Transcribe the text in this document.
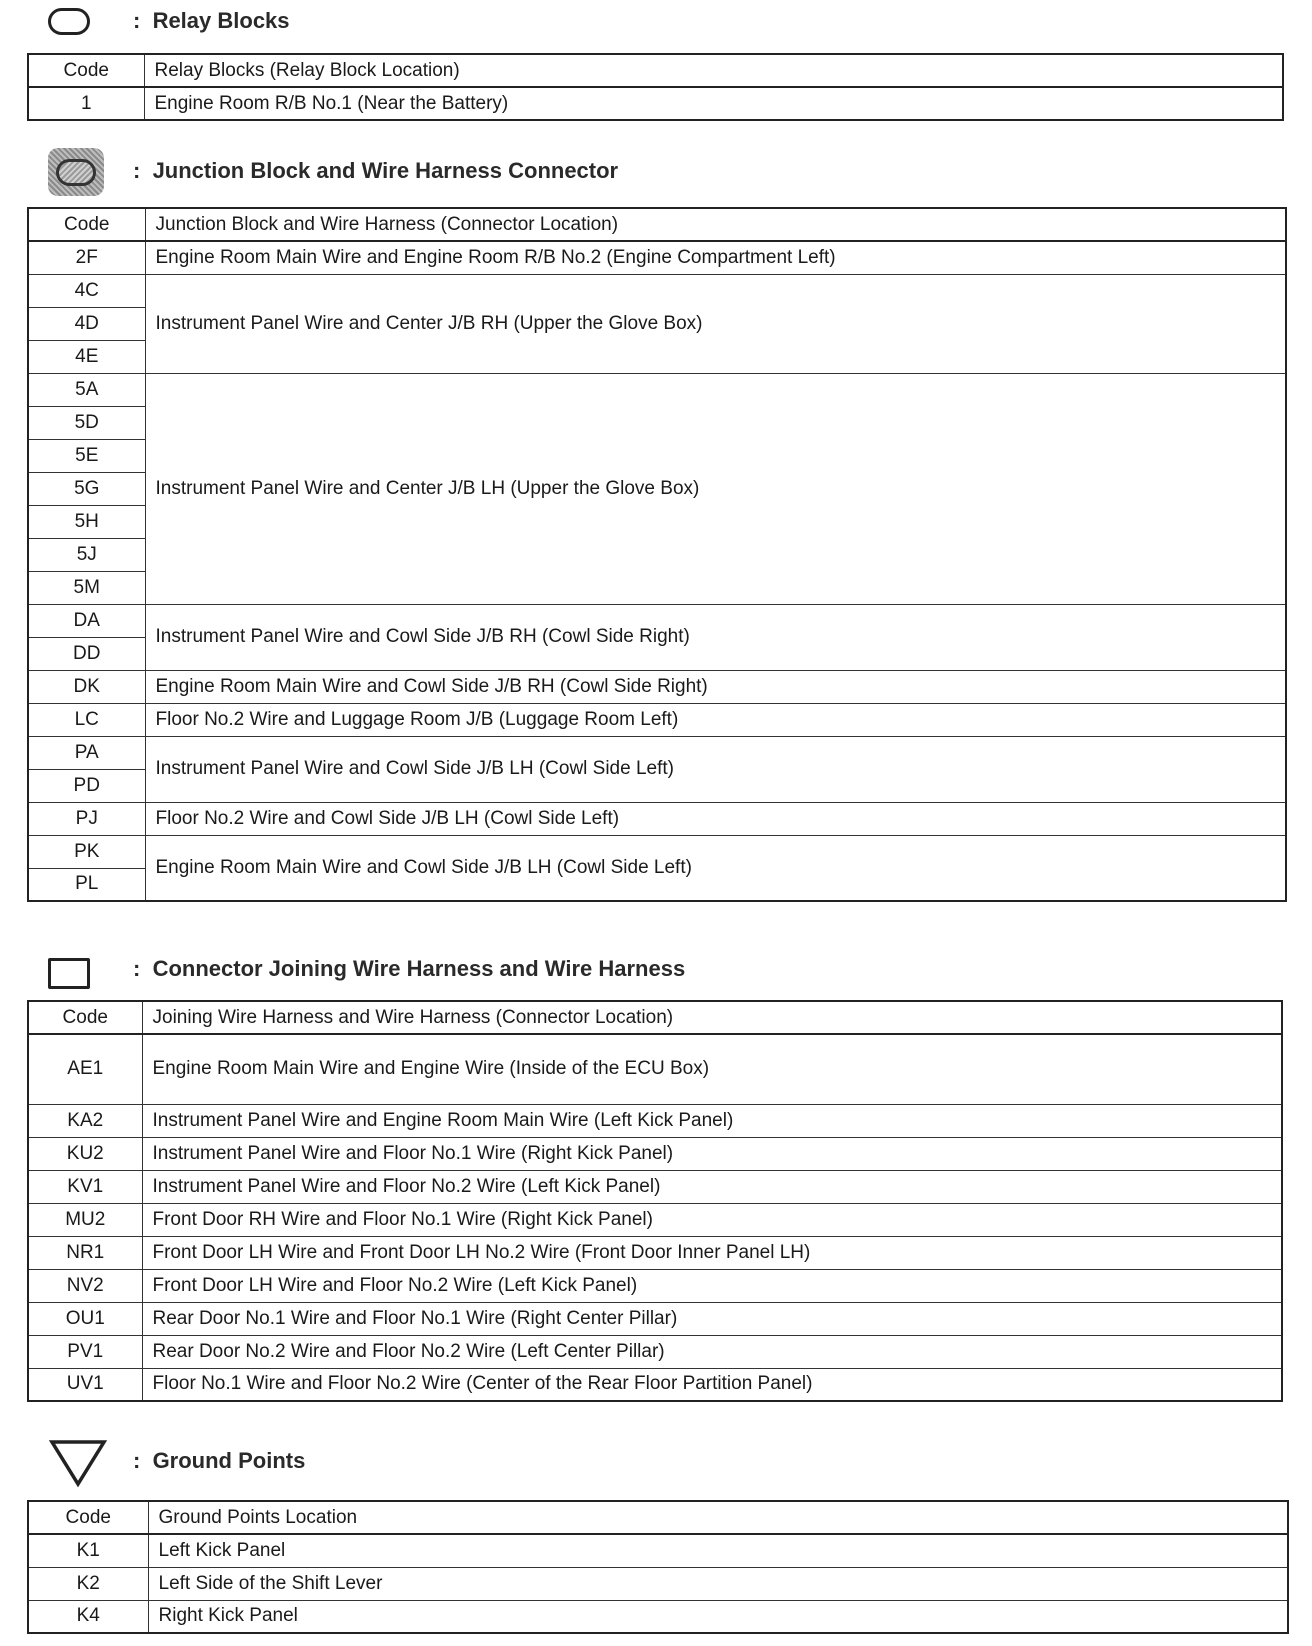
: Relay Blocks
Code	Relay Blocks (Relay Block Location)
1	Engine Room R/B No.1 (Near the Battery)
: Junction Block and Wire Harness Connector
Code	Junction Block and Wire Harness (Connector Location)
2F	Engine Room Main Wire and Engine Room R/B No.2 (Engine Compartment Left)
4C	Instrument Panel Wire and Center J/B RH (Upper the Glove Box)
4D	
4E	
5A	Instrument Panel Wire and Center J/B LH (Upper the Glove Box)
5D	
5E	
5G	
5H	
5J	
5M	
DA	Instrument Panel Wire and Cowl Side J/B RH (Cowl Side Right)
DD	
DK	Engine Room Main Wire and Cowl Side J/B RH (Cowl Side Right)
LC	Floor No.2 Wire and Luggage Room J/B (Luggage Room Left)
PA	Instrument Panel Wire and Cowl Side J/B LH (Cowl Side Left)
PD	
PJ	Floor No.2 Wire and Cowl Side J/B LH (Cowl Side Left)
PK	Engine Room Main Wire and Cowl Side J/B LH (Cowl Side Left)
PL	
: Connector Joining Wire Harness and Wire Harness
Code	Joining Wire Harness and Wire Harness (Connector Location)
AE1	Engine Room Main Wire and Engine Wire (Inside of the ECU Box)
KA2	Instrument Panel Wire and Engine Room Main Wire (Left Kick Panel)
KU2	Instrument Panel Wire and Floor No.1 Wire (Right Kick Panel)
KV1	Instrument Panel Wire and Floor No.2 Wire (Left Kick Panel)
MU2	Front Door RH Wire and Floor No.1 Wire (Right Kick Panel)
NR1	Front Door LH Wire and Front Door LH No.2 Wire (Front Door Inner Panel LH)
NV2	Front Door LH Wire and Floor No.2 Wire (Left Kick Panel)
OU1	Rear Door No.1 Wire and Floor No.1 Wire (Right Center Pillar)
PV1	Rear Door No.2 Wire and Floor No.2 Wire (Left Center Pillar)
UV1	Floor No.1 Wire and Floor No.2 Wire (Center of the Rear Floor Partition Panel)
: Ground Points
Code	Ground Points Location
K1	Left Kick Panel
K2	Left Side of the Shift Lever
K4	Right Kick Panel
